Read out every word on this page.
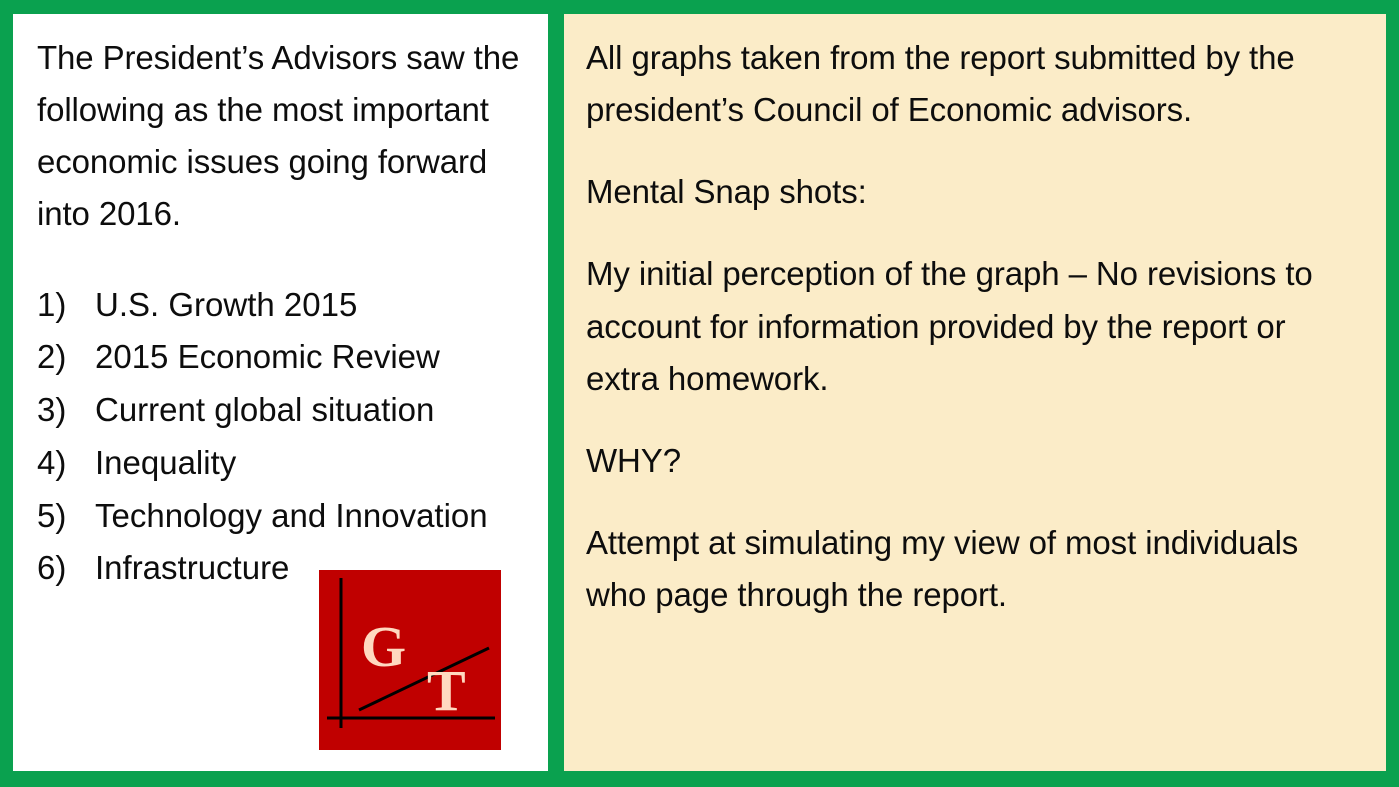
The President’s Advisors saw the following as the most important economic issues going forward into 2016.

1) U.S. Growth 2015
2) 2015 Economic Review
3) Current global situation
4) Inequality
5) Technology and Innovation
6) Infrastructure
G
T

All graphs taken from the report submitted by the president’s Council of Economic advisors.

Mental Snap shots:

My initial perception of the graph – No revisions to account for information provided by the report or extra homework.

WHY?

Attempt at simulating my view of most individuals who page through the report.
